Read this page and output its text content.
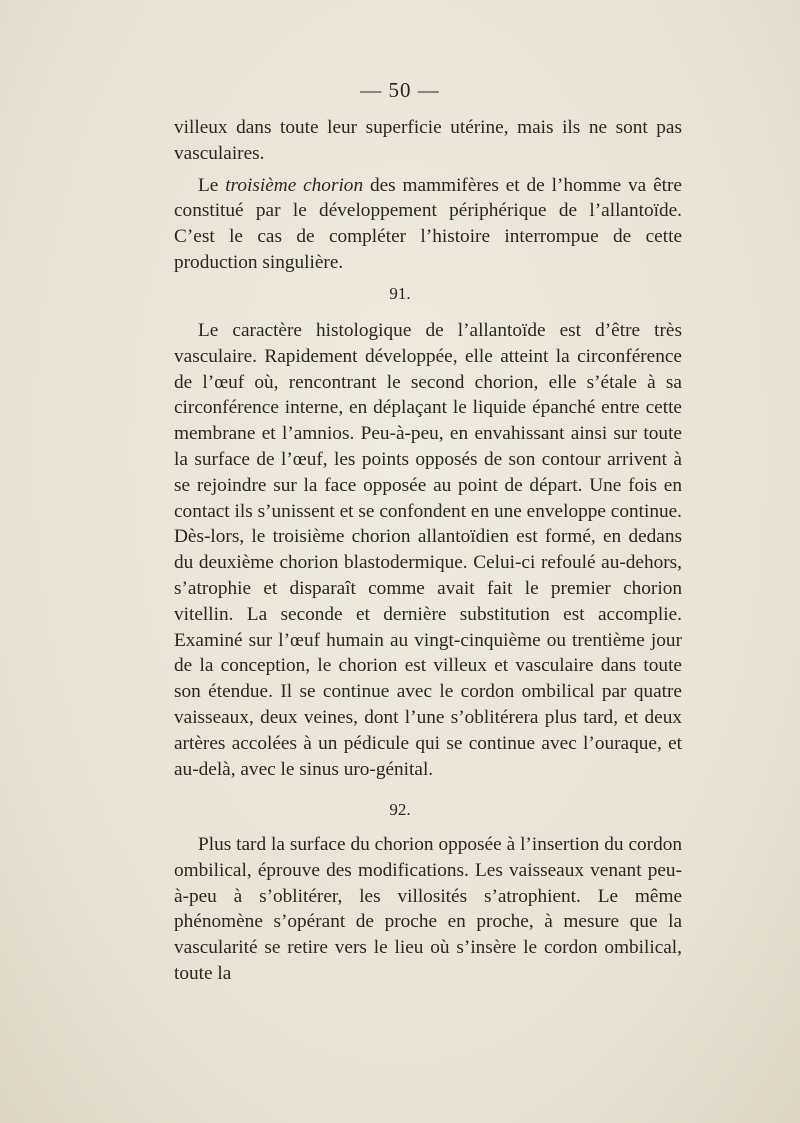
— 50 —

villeux dans toute leur superficie utérine, mais ils ne sont pas vasculaires.

Le troisième chorion des mammifères et de l’homme va être constitué par le développement périphérique de l’allantoïde. C’est le cas de compléter l’histoire interrompue de cette production singulière.

91.

Le caractère histologique de l’allantoïde est d’être très vasculaire. Rapidement développée, elle atteint la circonférence de l’œuf où, rencontrant le second chorion, elle s’étale à sa circonférence interne, en déplaçant le liquide épanché entre cette membrane et l’amnios. Peu-à-peu, en envahissant ainsi sur toute la surface de l’œuf, les points opposés de son contour arrivent à se rejoindre sur la face opposée au point de départ. Une fois en contact ils s’unissent et se confondent en une enveloppe continue. Dès-lors, le troisième chorion allantoïdien est formé, en dedans du deuxième chorion blastodermique. Celui-ci refoulé au-dehors, s’atrophie et disparaît comme avait fait le premier chorion vitellin. La seconde et dernière substitution est accomplie. Examiné sur l’œuf humain au vingt-cinquième ou trentième jour de la conception, le chorion est villeux et vasculaire dans toute son étendue. Il se continue avec le cordon ombilical par quatre vaisseaux, deux veines, dont l’une s’oblitérera plus tard, et deux artères accolées à un pédicule qui se continue avec l’ouraque, et au-delà, avec le sinus uro-génital.

92.

Plus tard la surface du chorion opposée à l’insertion du cordon ombilical, éprouve des modifications. Les vaisseaux venant peu-à-peu à s’oblitérer, les villosités s’atrophient. Le même phénomène s’opérant de proche en proche, à mesure que la vascularité se retire vers le lieu où s’insère le cordon ombilical, toute la
